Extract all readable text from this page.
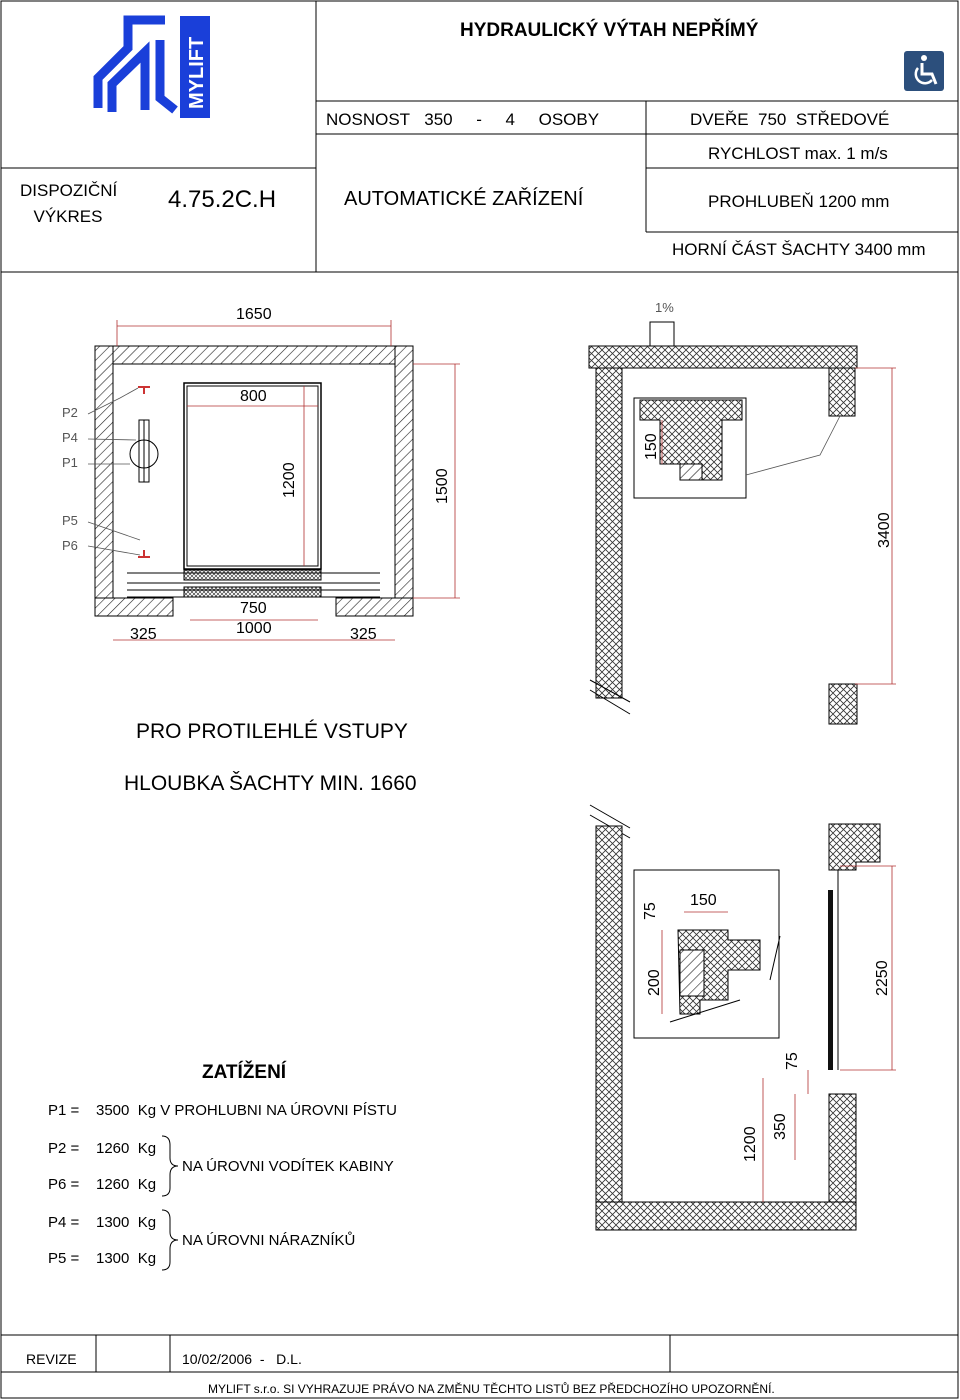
HYDRAULICKÝ VÝTAH NEPŘÍMÝ
NOSNOST 350 - 4 OSOBY	DVEŘE  750  STŘEDOVÉ
RYCHLOST max. 1 m/s
DISPOZIČNÍ
VÝKRES
4.75.2C.H	AUTOMATICKÉ ZAŘÍZENÍ	PROHLUBEŇ 1200 mm
HORNÍ ČÁST ŠACHTY 3400 mm
MYLIFT
1650
800
1200	1500
750
1000
325	325
P2
P4
P1
P5
P6
1%
150
3400
75
150
200	2250
75
1200 350
PRO PROTILEHLÉ VSTUPY
HLOUBKA ŠACHTY MIN. 1660
ZATÍŽENÍ
P1 = 3500  Kg V PROHLUBNI NA ÚROVNI PÍSTU
P2 = 1260  Kg
P6 = 1260  Kg
NA ÚROVNI VODÍTEK KABINY
P4 = 1300  Kg
P5 = 1300  Kg
NA ÚROVNI NÁRAZNÍKŮ
REVIZE	10/02/2006  -   D.L.
MYLIFT s.r.o. SI VYHRAZUJE PRÁVO NA ZMĚNU TĚCHTO LISTŮ BEZ PŘEDCHOZÍHO UPOZORNĚNÍ.
